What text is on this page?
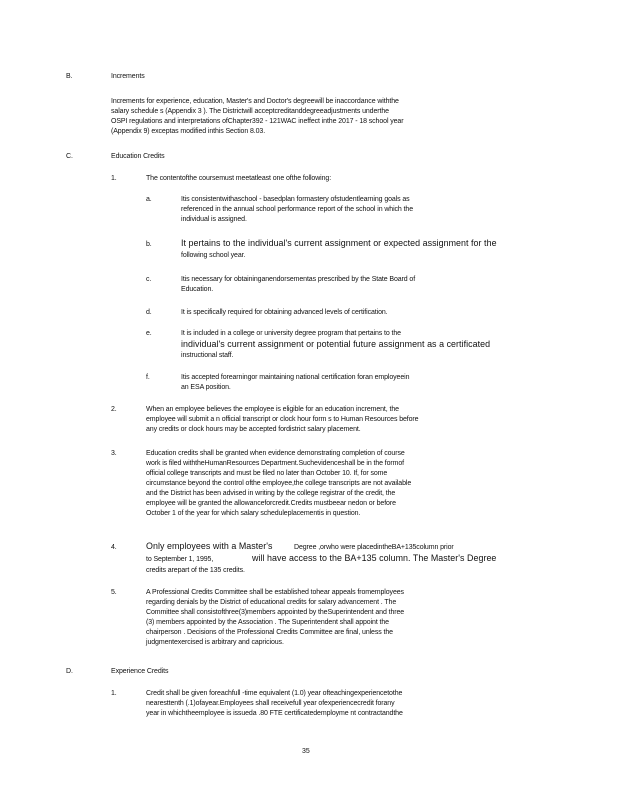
B.	Increments
Increments for experience, education, Master's and Doctor's degreewill be inaccordance withthe
salary schedule s (Appendix 3 ). The Districtwill acceptcreditanddegreeadjustments underthe
OSPI regulations and interpretations ofChapter392 - 121WAC ineffect inthe 2017 - 18 school year
(Appendix 9) exceptas modified inthis Section 8.03.
C.	Education Credits
1.	The contentofthe coursemust meetatleast one ofthe following:
a.	Itis consistentwithaschool - basedplan formastery ofstudentlearning goals as
referenced in the annual school performance report of the school in which the
individual is assigned.
b.	It pertains to the individual's current assignment or expected assignment for the
following school year.
c.	Itis necessary for obtaininganendorsementas prescribed by the State Board of
Education.
d.	It is specifically required for obtaining advanced levels of certification.
e.	It is included in a college or university degree program that pertains to the
individual's current assignment or potential future assignment as a certificated
instructional staff.
f.	Itis accepted forearningor maintaining national certification foran employeein
an ESA position.
2.	When an employee believes the employee is eligible for an education increment, the
employee will submit a n official transcript or clock hour form s to Human Resources before
any credits or clock hours may be accepted fordistrict salary placement.
3.	Education credits shall be granted when evidence demonstrating completion of course
work is filed withtheHumanResources Department.Suchevidenceshall be in the formof
official college transcripts and must be filed no later than October 10. If, for some
circumstance beyond the control ofthe employee,the college transcripts are not available
and the District has been advised in writing by the college registrar of the credit, the
employee will be granted the allowanceforcredit.Credits mustbeear nedon or before
October 1 of the year for which salary scheduleplacementis in question.
4.	Only employees with a Master's	Degree ,orwho were placedintheBA+135column prior
to September 1, 1995,	will have access to the BA+135 column. The Master's Degree
credits arepart of the 135 credits.
5.	A Professional Credits Committee shall be established tohear appeals fromemployees
regarding denials by the District of educational credits for salary advancement . The
Committee shall consistofthree(3)members appointed by theSuperintendent and three
(3) members appointed by the Association . The Superintendent shall appoint the
chairperson . Decisions of the Professional Credits Committee are final, unless the
judgmentexercised is arbitrary and capricious.
D.	Experience Credits
1.	Credit shall be given foreachfull -time equivalent (1.0) year ofteachingexperiencetothe
nearesttenth (.1)ofayear.Employees shall receivefull year ofexperiencecredit forany
year in whichtheemployee is issueda .80 FTE certificatedemployme nt contractandthe
35
